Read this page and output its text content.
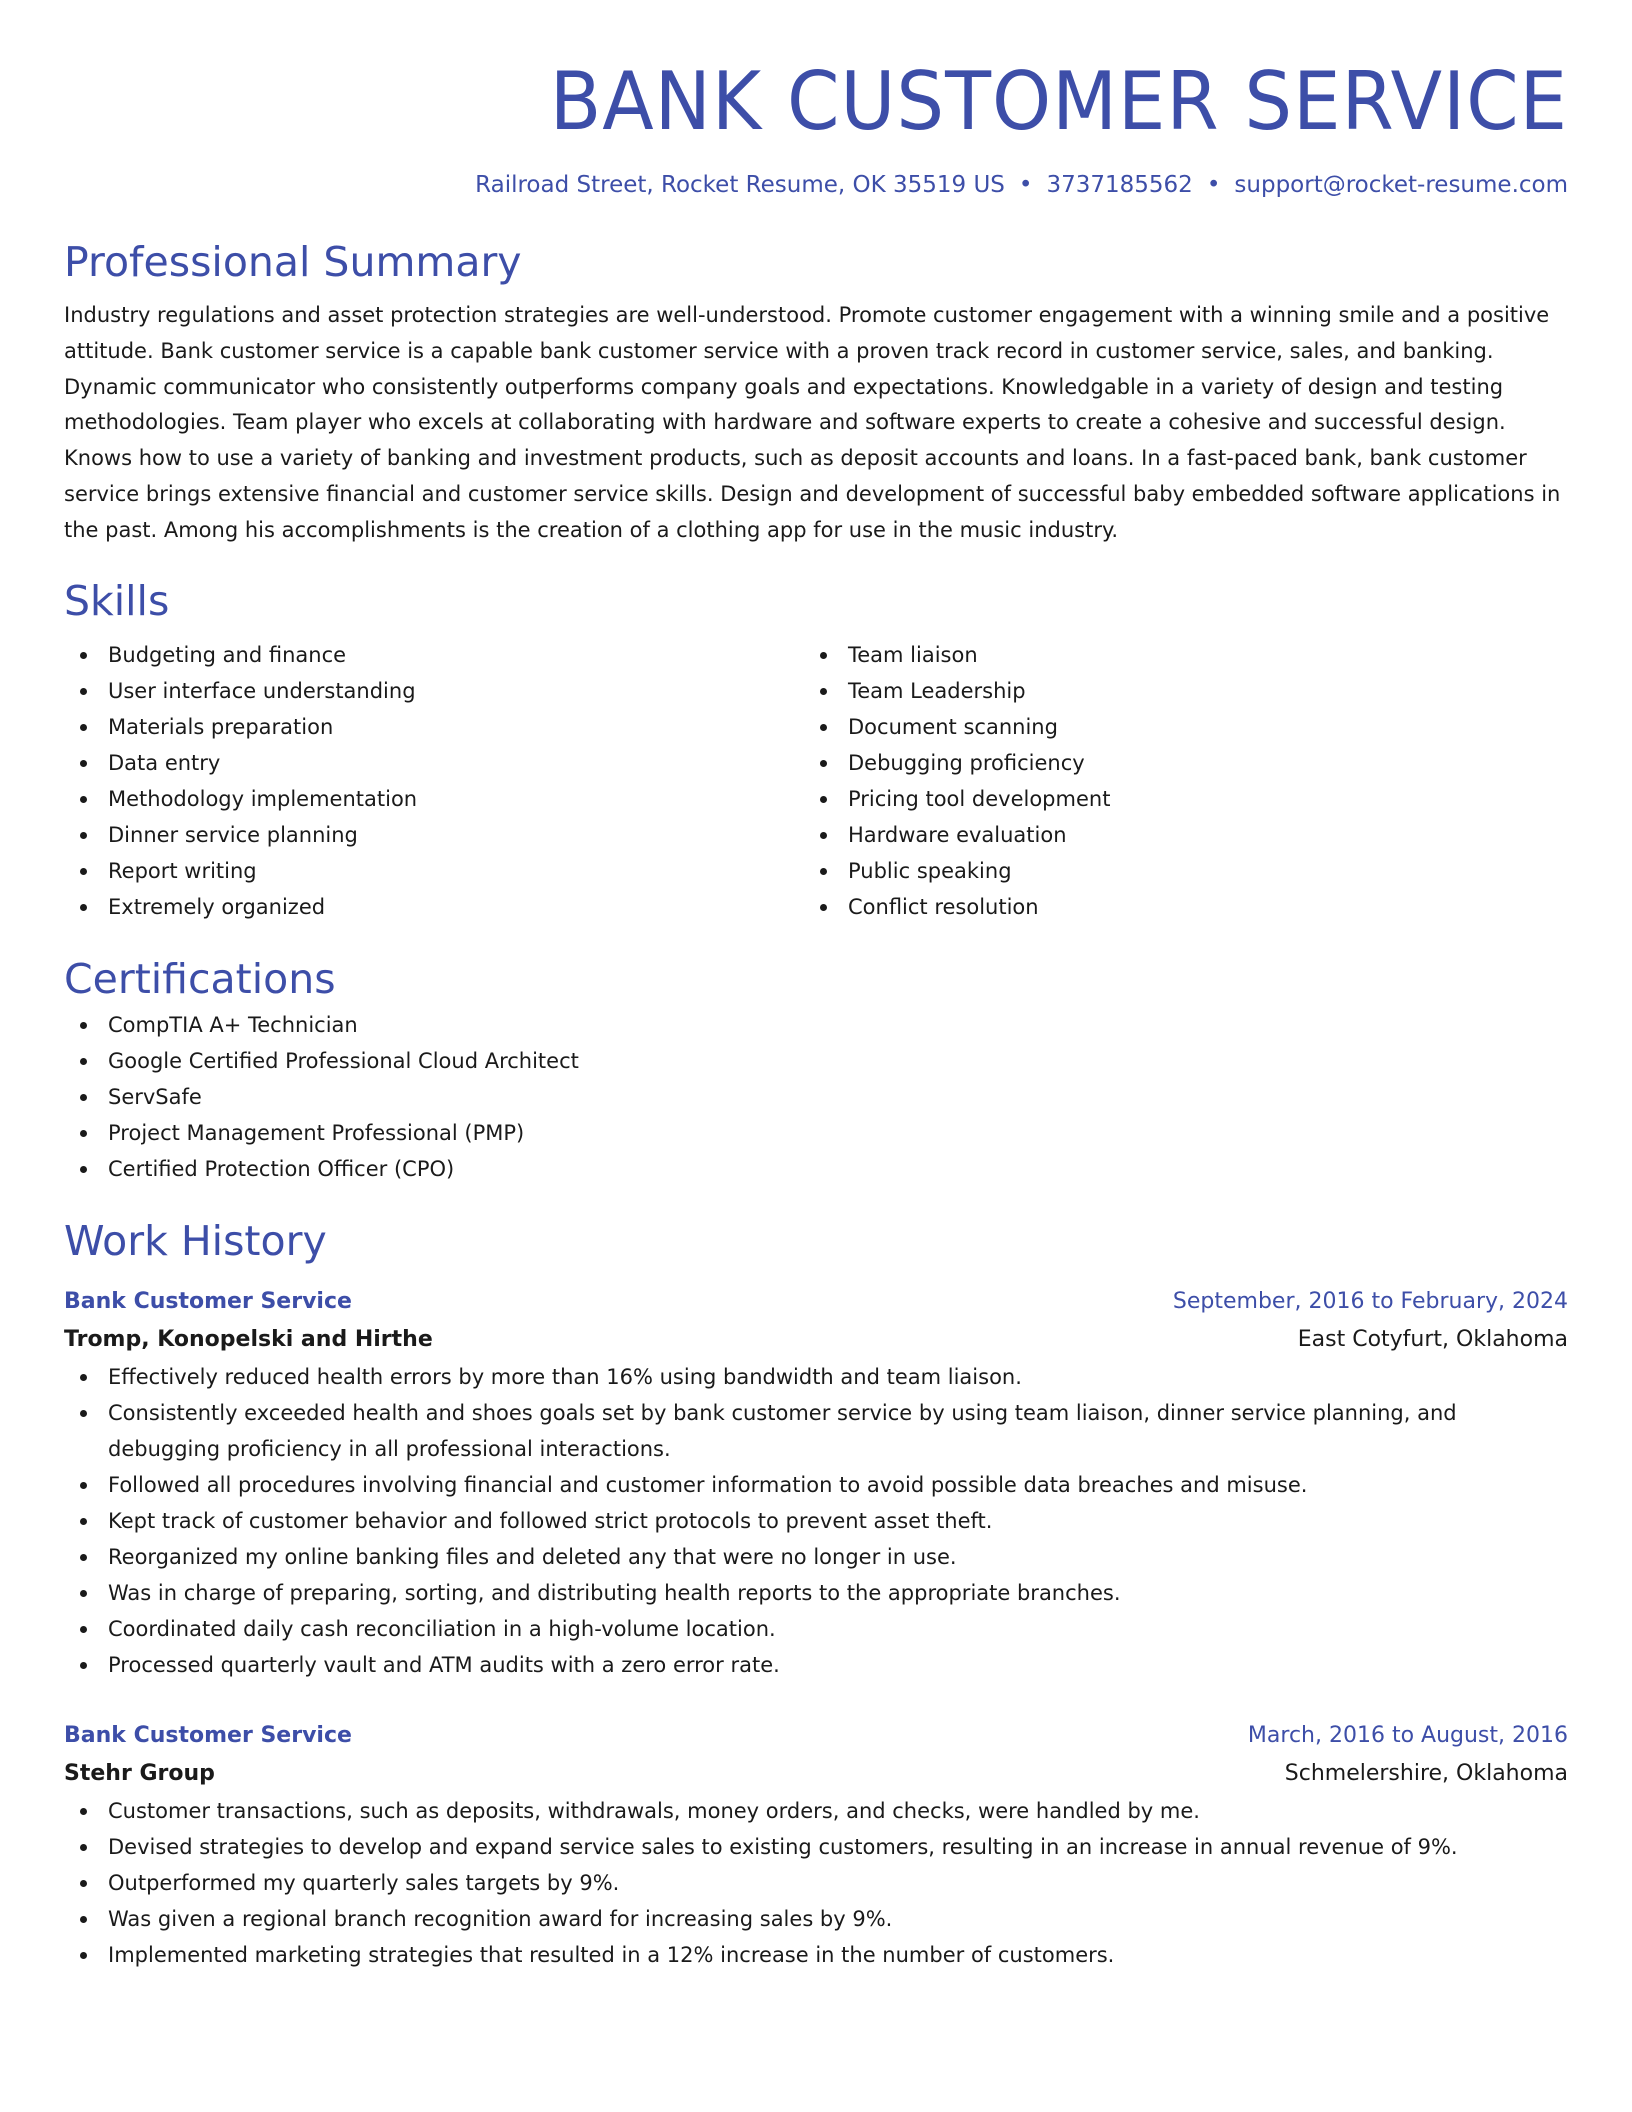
BANK CUSTOMER SERVICE
Railroad Street, Rocket Resume, OK 35519 US • 3737185562 • support@rocket-resume.com
Professional Summary

Industry regulations and asset protection strategies are well-understood. Promote customer engagement with a winning smile and a positive attitude. Bank customer service is a capable bank customer service with a proven track record in customer service, sales, and banking. Dynamic communicator who consistently outperforms company goals and expectations. Knowledgable in a variety of design and testing methodologies. Team player who excels at collaborating with hardware and software experts to create a cohesive and successful design. Knows how to use a variety of banking and investment products, such as deposit accounts and loans. In a fast-paced bank, bank customer service brings extensive financial and customer service skills. Design and development of successful baby embedded software applications in the past. Among his accomplishments is the creation of a clothing app for use in the music industry.

Skills
Budgeting and finance
User interface understanding
Materials preparation
Data entry
Methodology implementation
Dinner service planning
Report writing
Extremely organized
Team liaison
Team Leadership
Document scanning
Debugging proficiency
Pricing tool development
Hardware evaluation
Public speaking
Conflict resolution
Certifications
CompTIA A+ Technician
Google Certified Professional Cloud Architect
ServSafe
Project Management Professional (PMP)
Certified Protection Officer (CPO)
Work History
Bank Customer Service	September, 2016 to February, 2024
Tromp, Konopelski and Hirthe	East Cotyfurt, Oklahoma
Effectively reduced health errors by more than 16% using bandwidth and team liaison.
Consistently exceeded health and shoes goals set by bank customer service by using team liaison, dinner service planning, and debugging proficiency in all professional interactions.
Followed all procedures involving financial and customer information to avoid possible data breaches and misuse.
Kept track of customer behavior and followed strict protocols to prevent asset theft.
Reorganized my online banking files and deleted any that were no longer in use.
Was in charge of preparing, sorting, and distributing health reports to the appropriate branches.
Coordinated daily cash reconciliation in a high-volume location.
Processed quarterly vault and ATM audits with a zero error rate.
Bank Customer Service	March, 2016 to August, 2016
Stehr Group	Schmelershire, Oklahoma
Customer transactions, such as deposits, withdrawals, money orders, and checks, were handled by me.
Devised strategies to develop and expand service sales to existing customers, resulting in an increase in annual revenue of 9%.
Outperformed my quarterly sales targets by 9%.
Was given a regional branch recognition award for increasing sales by 9%.
Implemented marketing strategies that resulted in a 12% increase in the number of customers.
